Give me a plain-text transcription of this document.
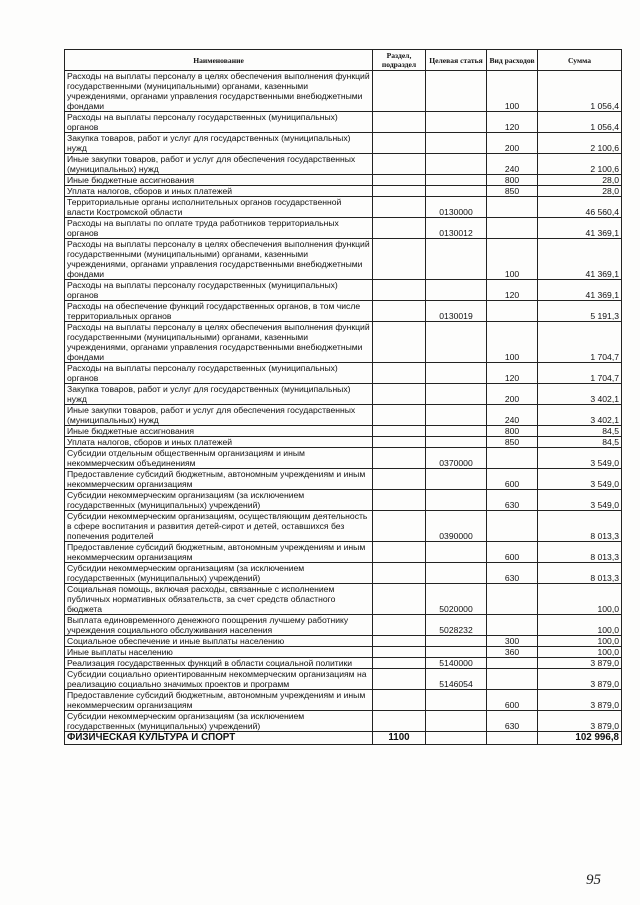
Наименование	Раздел, подраздел	Целевая статья	Вид расходов	Сумма
Расходы на выплаты персоналу в целях обеспечения выполнения функций государственными (муниципальными) органами, казенными учреждениями, органами управления государственными внебюджетными фондами			100	1 056,4
Расходы на выплаты персоналу государственных (муниципальных) органов			120	1 056,4
Закупка товаров, работ и услуг для государственных (муниципальных) нужд			200	2 100,6
Иные закупки товаров, работ и услуг для обеспечения государственных (муниципальных) нужд			240	2 100,6
Иные бюджетные ассигнования			800	28,0
Уплата налогов, сборов и иных платежей			850	28,0
Территориальные органы исполнительных органов государственной власти Костромской области		0130000		46 560,4
Расходы на выплаты по оплате труда работников территориальных органов		0130012		41 369,1
Расходы на выплаты персоналу в целях обеспечения выполнения функций государственными (муниципальными) органами, казенными учреждениями, органами управления государственными внебюджетными фондами			100	41 369,1
Расходы на выплаты персоналу государственных (муниципальных) органов			120	41 369,1
Расходы на обеспечение функций государственных органов, в том числе территориальных органов		0130019		5 191,3
Расходы на выплаты персоналу в целях обеспечения выполнения функций государственными (муниципальными) органами, казенными учреждениями, органами управления государственными внебюджетными фондами			100	1 704,7
Расходы на выплаты персоналу государственных (муниципальных) органов			120	1 704,7
Закупка товаров, работ и услуг для государственных (муниципальных) нужд			200	3 402,1
Иные закупки товаров, работ и услуг для обеспечения государственных (муниципальных) нужд			240	3 402,1
Иные бюджетные ассигнования			800	84,5
Уплата налогов, сборов и иных платежей			850	84,5
Субсидии отдельным общественным организациям и иным некоммерческим объединениям		0370000		3 549,0
Предоставление субсидий бюджетным, автономным учреждениям и иным некоммерческим организациям			600	3 549,0
Субсидии некоммерческим организациям (за исключением государственных (муниципальных) учреждений)			630	3 549,0
Субсидии некоммерческим организациям, осуществляющим деятельность в сфере воспитания и развития детей-сирот и детей, оставшихся без попечения родителей		0390000		8 013,3
Предоставление субсидий бюджетным, автономным учреждениям и иным некоммерческим организациям			600	8 013,3
Субсидии некоммерческим организациям (за исключением государственных (муниципальных) учреждений)			630	8 013,3
Социальная помощь, включая расходы, связанные с исполнением публичных нормативных обязательств, за счет средств областного бюджета		5020000		100,0
Выплата единовременного денежного поощрения лучшему работнику учреждения социального обслуживания населения		5028232		100,0
Социальное обеспечение и иные выплаты населению			300	100,0
Иные выплаты населению			360	100,0
Реализация государственных функций в области социальной политики		5140000		3 879,0
Субсидии социально ориентированным некоммерческим организациям на реализацию социально значимых проектов и программ		5146054		3 879,0
Предоставление субсидий бюджетным, автономным учреждениям и иным некоммерческим организациям			600	3 879,0
Субсидии некоммерческим организациям (за исключением государственных (муниципальных) учреждений)			630	3 879,0
ФИЗИЧЕСКАЯ КУЛЬТУРА И СПОРТ	1100			102 996,8
95
